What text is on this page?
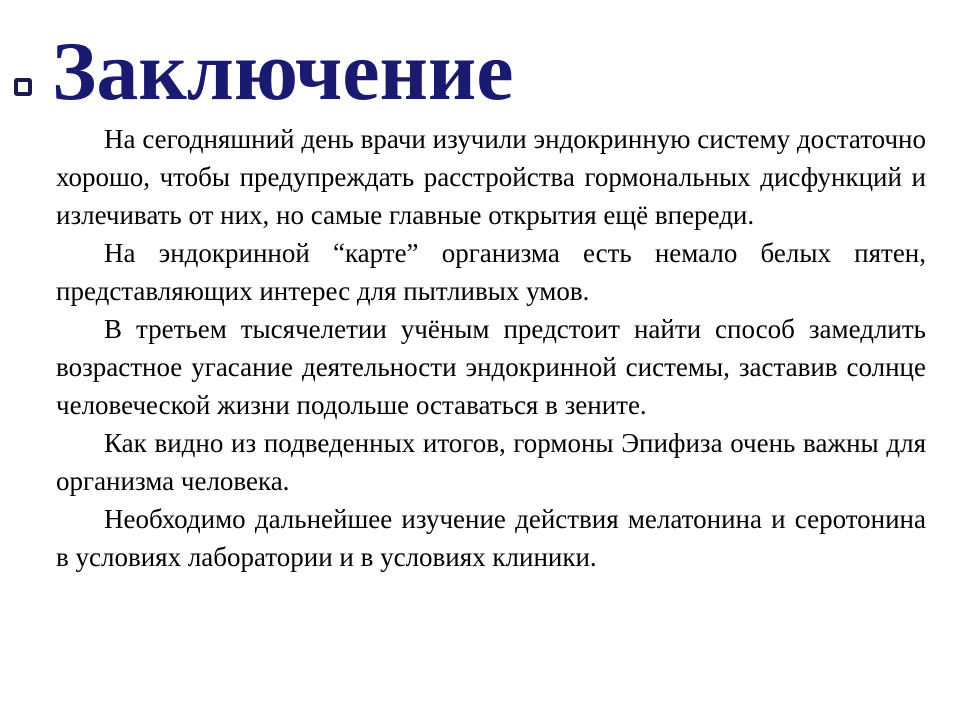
Заключение

На сегодняшний день врачи изучили эндокринную систему достаточно хорошо, чтобы предупреждать расстройства гормональных дисфункций и излечивать от них, но самые главные открытия ещё впереди.

На эндокринной “карте” организма есть немало белых пятен, представляющих интерес для пытливых умов.

В третьем тысячелетии учёным предстоит найти способ замедлить возрастное угасание деятельности эндокринной системы, заставив солнце человеческой жизни подольше оставаться в зените.

Как видно из подведенных итогов, гормоны Эпифиза очень важны для организма человека.

Необходимо дальнейшее изучение действия мелатонина и серотонина в условиях лаборатории и в условиях клиники.
